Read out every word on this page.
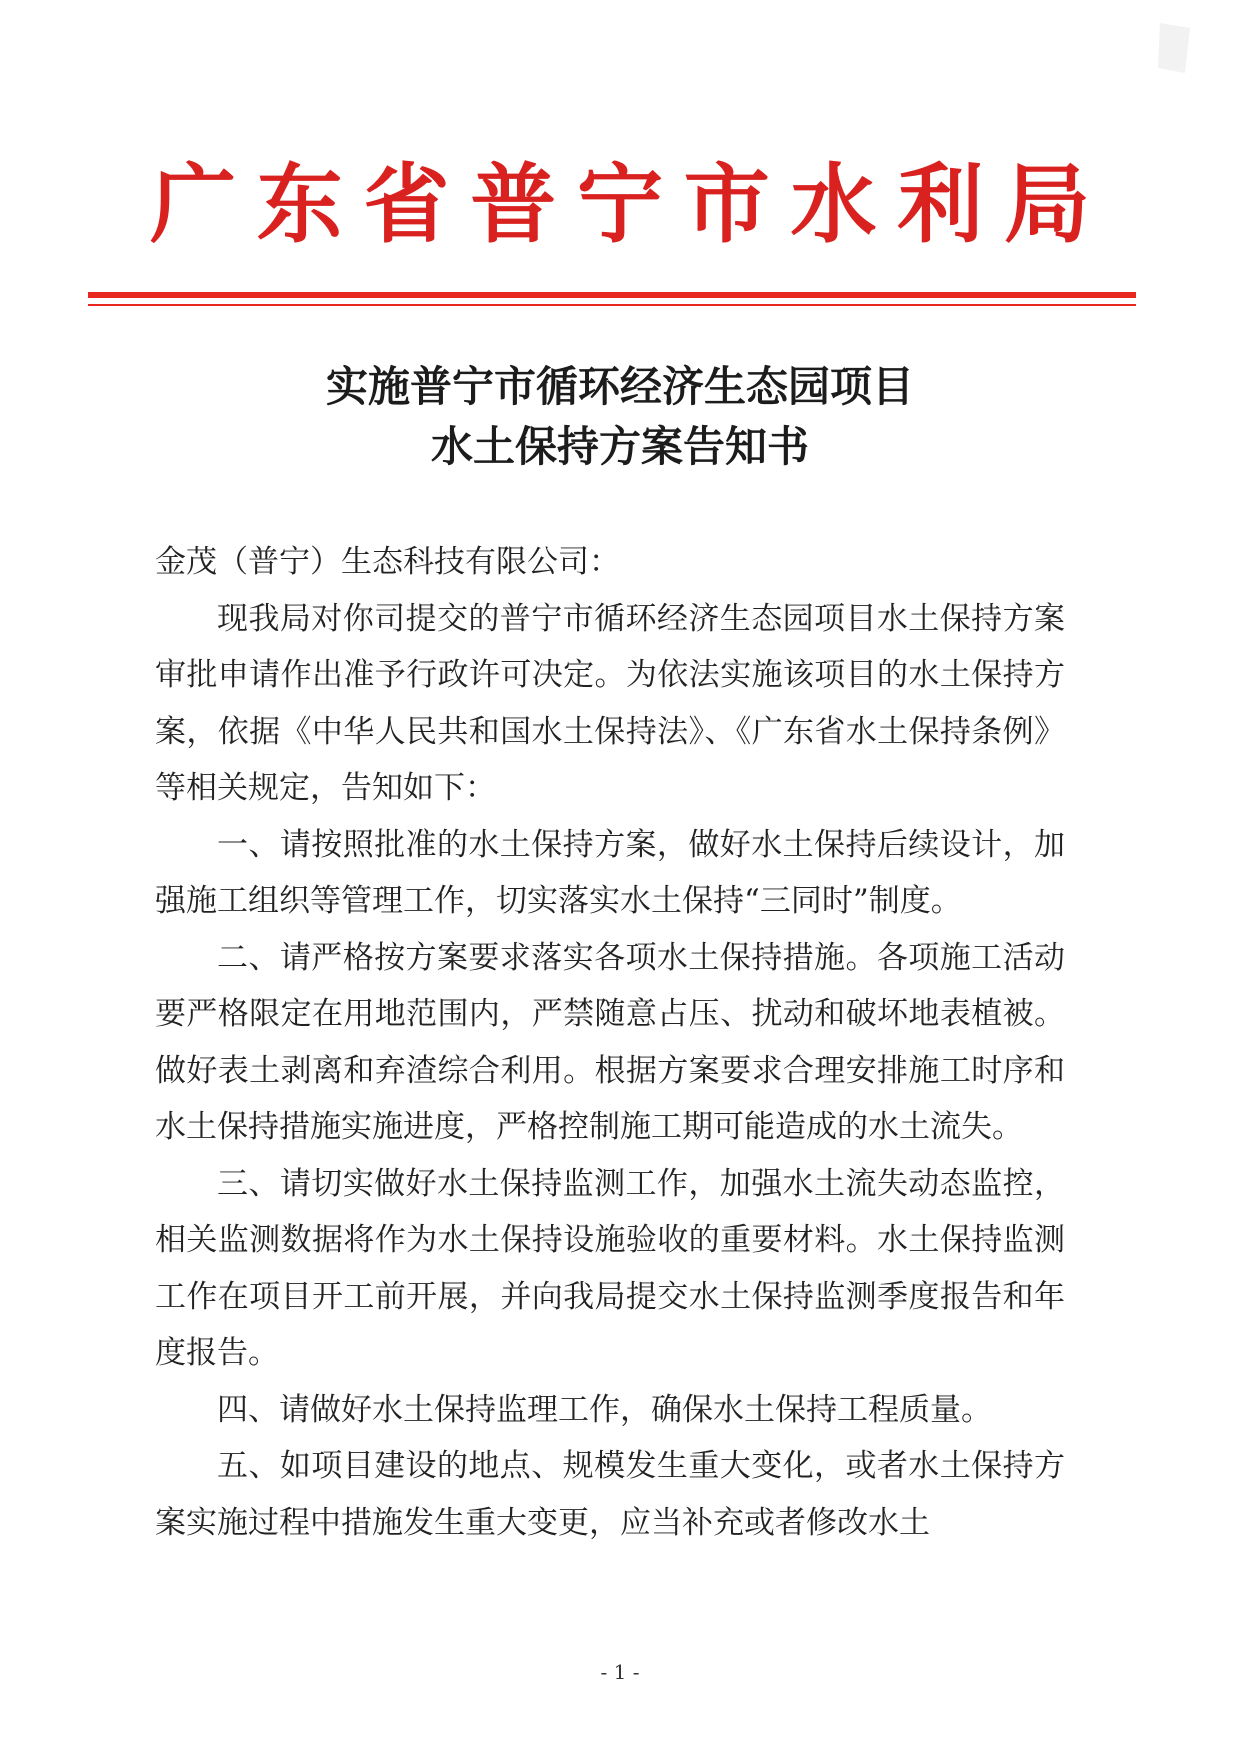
广 东 省 普 宁 市 水 利 局
实施普宁市循环经济生态园项目
水土保持方案告知书

金茂（普宁）生态科技有限公司：

现我局对你司提交的普宁市循环经济生态园项目水土保持方案审批申请作出准予行政许可决定。为依法实施该项目的水土保持方案，依据《中华人民共和国水土保持法》、《广东省水土保持条例》等相关规定，告知如下：

一、请按照批准的水土保持方案，做好水土保持后续设计，加强施工组织等管理工作，切实落实水土保持“三同时”制度。

二、请严格按方案要求落实各项水土保持措施。各项施工活动要严格限定在用地范围内，严禁随意占压、扰动和破坏地表植被。做好表土剥离和弃渣综合利用。根据方案要求合理安排施工时序和水土保持措施实施进度，严格控制施工期可能造成的水土流失。

三、请切实做好水土保持监测工作，加强水土流失动态监控，相关监测数据将作为水土保持设施验收的重要材料。水土保持监测工作在项目开工前开展，并向我局提交水土保持监测季度报告和年度报告。

四、请做好水土保持监理工作，确保水土保持工程质量。

五、如项目建设的地点、规模发生重大变化，或者水土保持方案实施过程中措施发生重大变更，应当补充或者修改水土

- 1 -
